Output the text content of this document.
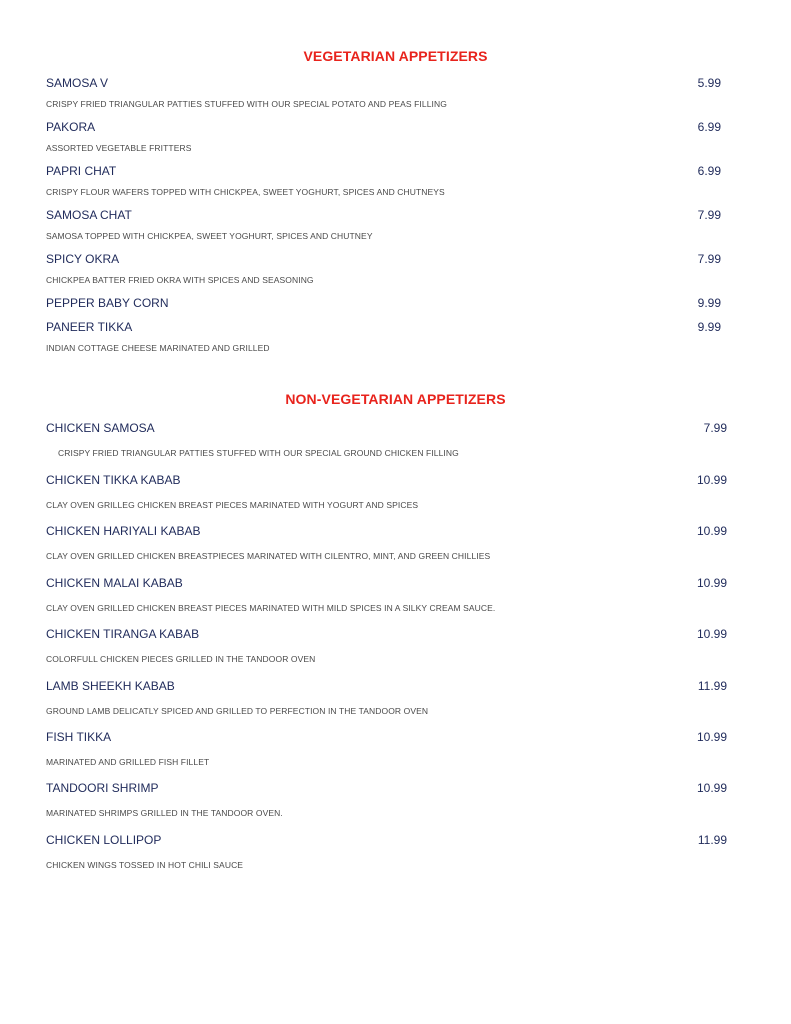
VEGETARIAN APPETIZERS
SAMOSA V	5.99
CRISPY FRIED TRIANGULAR PATTIES STUFFED WITH OUR SPECIAL POTATO AND PEAS FILLING
PAKORA	6.99
ASSORTED VEGETABLE FRITTERS
PAPRI CHAT	6.99
CRISPY FLOUR WAFERS TOPPED WITH CHICKPEA, SWEET YOGHURT, SPICES AND CHUTNEYS
SAMOSA CHAT	7.99
SAMOSA TOPPED WITH CHICKPEA, SWEET YOGHURT, SPICES AND CHUTNEY
SPICY OKRA	7.99
CHICKPEA BATTER FRIED OKRA WITH SPICES AND SEASONING
PEPPER BABY CORN	9.99
PANEER TIKKA	9.99
INDIAN COTTAGE CHEESE MARINATED AND GRILLED
NON-VEGETARIAN APPETIZERS
CHICKEN SAMOSA	7.99
CRISPY FRIED TRIANGULAR PATTIES STUFFED WITH OUR SPECIAL GROUND CHICKEN FILLING
CHICKEN TIKKA KABAB	10.99
CLAY OVEN GRILLEG CHICKEN BREAST PIECES MARINATED WITH YOGURT AND SPICES
CHICKEN HARIYALI KABAB	10.99
CLAY OVEN GRILLED CHICKEN BREASTPIECES MARINATED WITH CILENTRO, MINT, AND GREEN CHILLIES
CHICKEN MALAI KABAB	10.99
CLAY OVEN GRILLED CHICKEN BREAST PIECES MARINATED WITH MILD SPICES IN A SILKY CREAM SAUCE.
CHICKEN TIRANGA KABAB	10.99
COLORFULL CHICKEN PIECES GRILLED IN THE TANDOOR OVEN
LAMB SHEEKH KABAB	11.99
GROUND LAMB DELICATLY SPICED AND GRILLED TO PERFECTION IN THE TANDOOR OVEN
FISH TIKKA	10.99
MARINATED AND GRILLED FISH FILLET
TANDOORI SHRIMP	10.99
MARINATED SHRIMPS GRILLED IN THE TANDOOR OVEN.
CHICKEN LOLLIPOP	11.99
CHICKEN WINGS TOSSED IN HOT CHILI SAUCE
